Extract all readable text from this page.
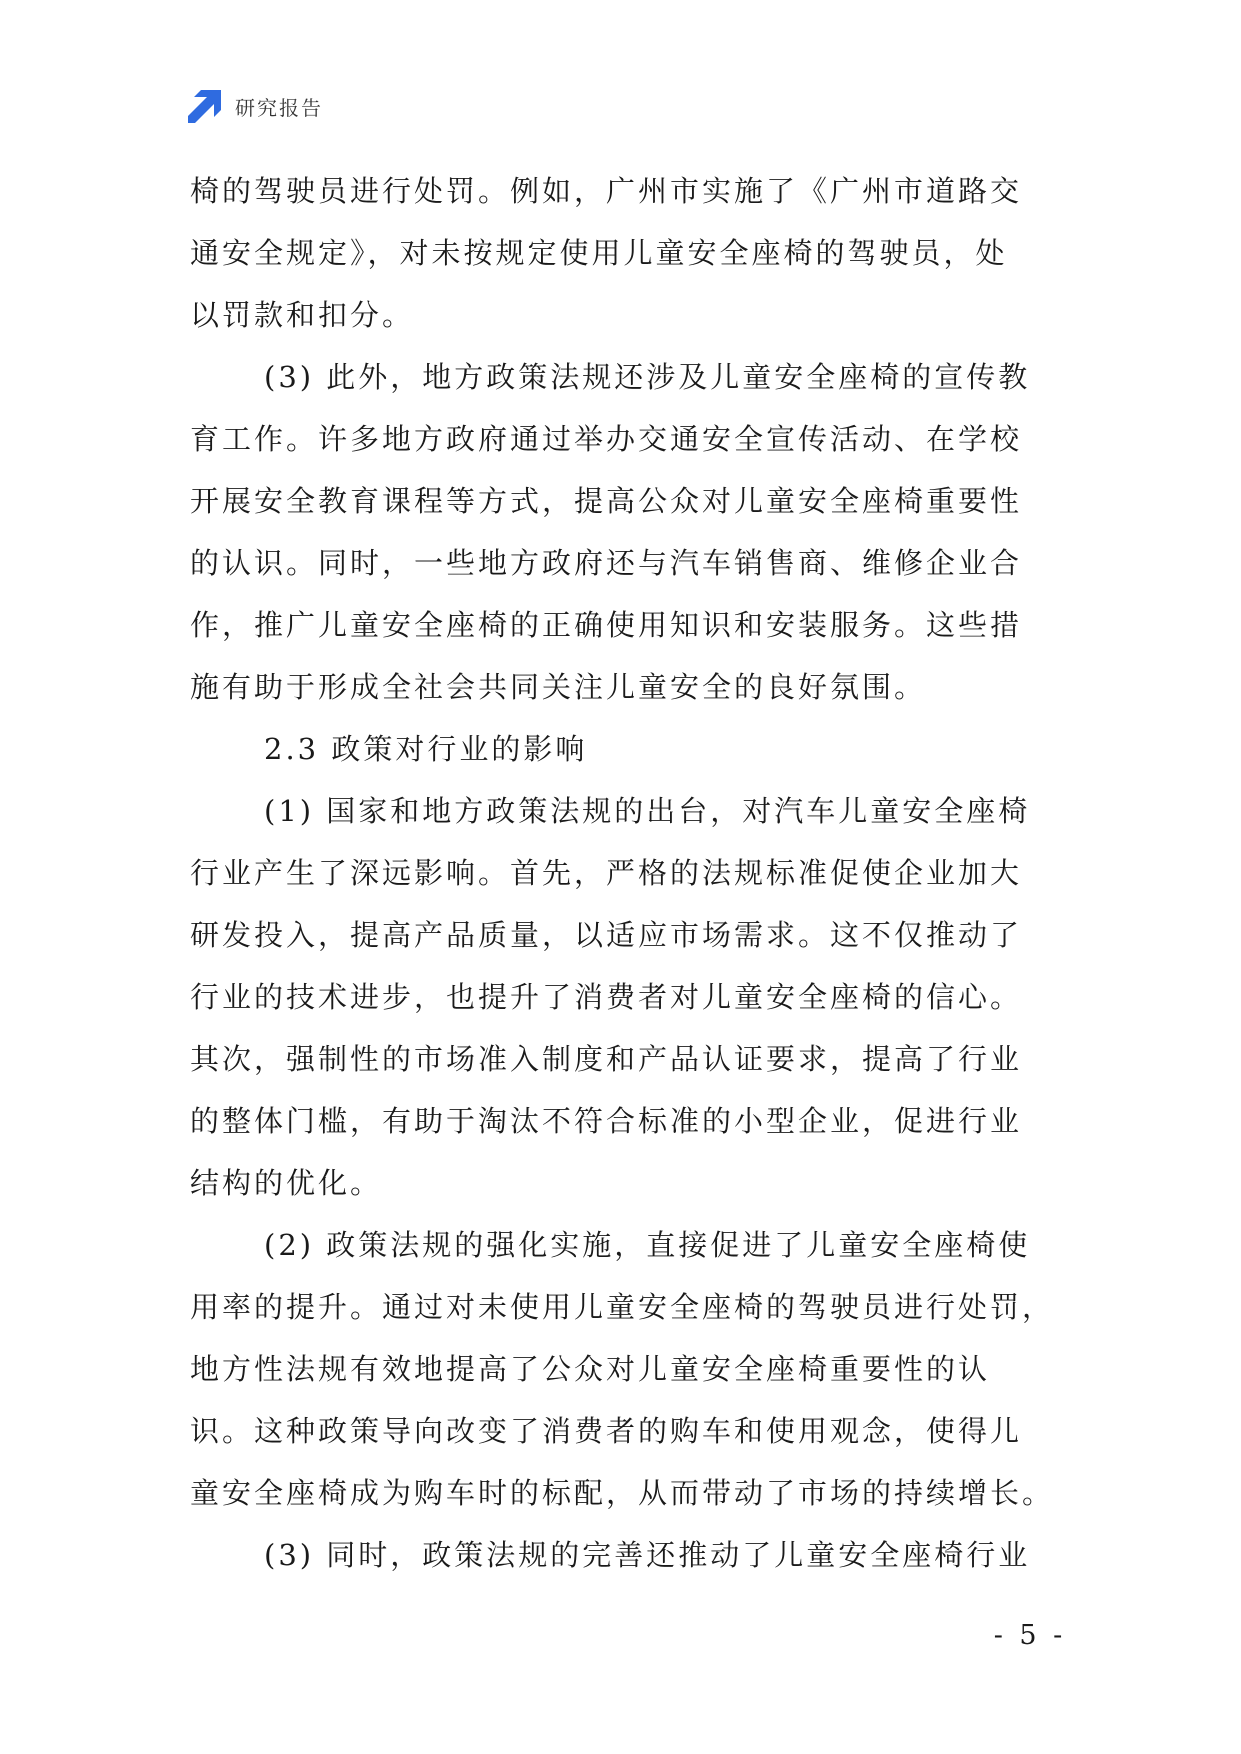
研究报告

椅的驾驶员进行处罚。例如，广州市实施了《广州市道路交

通安全规定》，对未按规定使用儿童安全座椅的驾驶员，处

以罚款和扣分。

(3) 此外，地方政策法规还涉及儿童安全座椅的宣传教

育工作。许多地方政府通过举办交通安全宣传活动、在学校

开展安全教育课程等方式，提高公众对儿童安全座椅重要性

的认识。同时，一些地方政府还与汽车销售商、维修企业合

作，推广儿童安全座椅的正确使用知识和安装服务。这些措

施有助于形成全社会共同关注儿童安全的良好氛围。

2.3 政策对行业的影响

(1) 国家和地方政策法规的出台，对汽车儿童安全座椅

行业产生了深远影响。首先，严格的法规标准促使企业加大

研发投入，提高产品质量，以适应市场需求。这不仅推动了

行业的技术进步，也提升了消费者对儿童安全座椅的信心。

其次，强制性的市场准入制度和产品认证要求，提高了行业

的整体门槛，有助于淘汰不符合标准的小型企业，促进行业

结构的优化。

(2) 政策法规的强化实施，直接促进了儿童安全座椅使

用率的提升。通过对未使用儿童安全座椅的驾驶员进行处罚，

地方性法规有效地提高了公众对儿童安全座椅重要性的认

识。这种政策导向改变了消费者的购车和使用观念，使得儿

童安全座椅成为购车时的标配，从而带动了市场的持续增长。

(3) 同时，政策法规的完善还推动了儿童安全座椅行业

- 5 -
